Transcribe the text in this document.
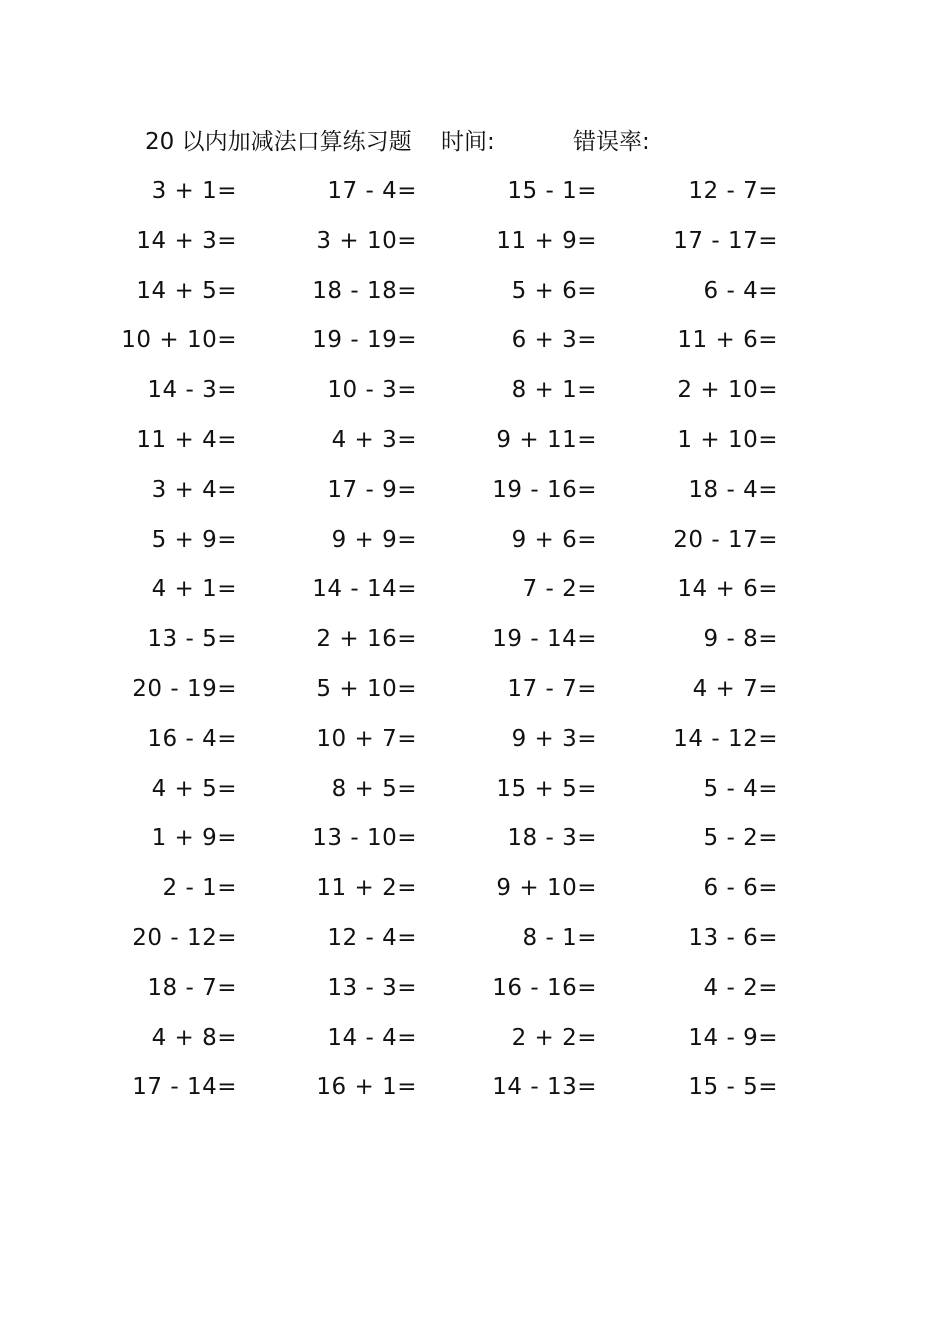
20 以内加减法口算练习题 时间:	错误率:
3 + 1=	17 - 4=	15 - 1=	12 - 7=
14 + 3=	3 + 10=	11 + 9=	17 - 17=
14 + 5=	18 - 18=	5 + 6=	6 - 4=
10 + 10=	19 - 19=	6 + 3=	11 + 6=
14 - 3=	10 - 3=	8 + 1=	2 + 10=
11 + 4=	4 + 3=	9 + 11=	1 + 10=
3 + 4=	17 - 9=	19 - 16=	18 - 4=
5 + 9=	9 + 9=	9 + 6=	20 - 17=
4 + 1=	14 - 14=	7 - 2=	14 + 6=
13 - 5=	2 + 16=	19 - 14=	9 - 8=
20 - 19=	5 + 10=	17 - 7=	4 + 7=
16 - 4=	10 + 7=	9 + 3=	14 - 12=
4 + 5=	8 + 5=	15 + 5=	5 - 4=
1 + 9=	13 - 10=	18 - 3=	5 - 2=
2 - 1=	11 + 2=	9 + 10=	6 - 6=
20 - 12=	12 - 4=	8 - 1=	13 - 6=
18 - 7=	13 - 3=	16 - 16=	4 - 2=
4 + 8=	14 - 4=	2 + 2=	14 - 9=
17 - 14=	16 + 1=	14 - 13=	15 - 5=
